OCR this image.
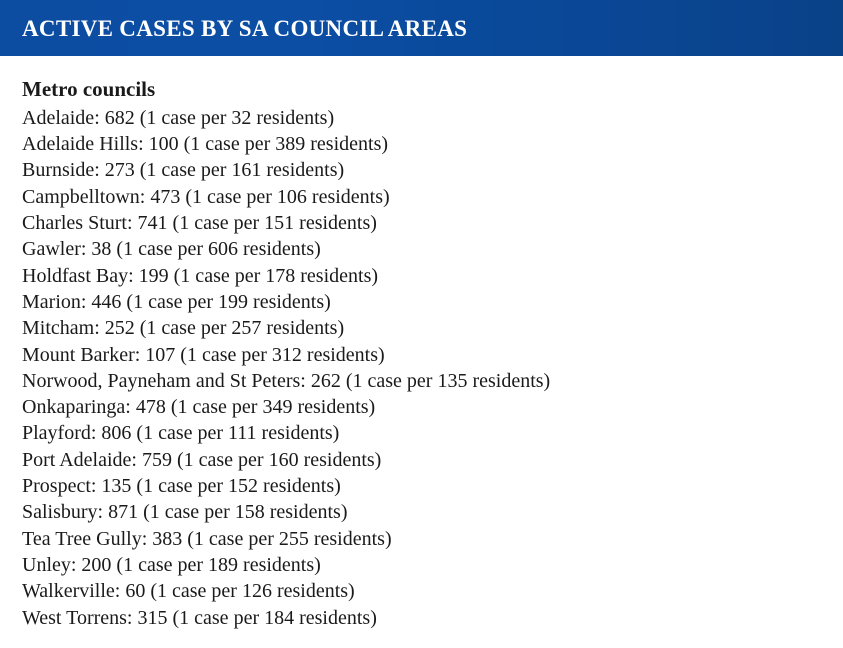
ACTIVE CASES BY SA COUNCIL AREAS
Metro councils
Adelaide: 682 (1 case per 32 residents)
Adelaide Hills: 100 (1 case per 389 residents)
Burnside: 273 (1 case per 161 residents)
Campbelltown: 473 (1 case per 106 residents)
Charles Sturt: 741 (1 case per 151 residents)
Gawler: 38 (1 case per 606 residents)
Holdfast Bay: 199 (1 case per 178 residents)
Marion: 446 (1 case per 199 residents)
Mitcham: 252 (1 case per 257 residents)
Mount Barker: 107 (1 case per 312 residents)
Norwood, Payneham and St Peters: 262 (1 case per 135 residents)
Onkaparinga: 478 (1 case per 349 residents)
Playford: 806 (1 case per 111 residents)
Port Adelaide: 759 (1 case per 160 residents)
Prospect: 135 (1 case per 152 residents)
Salisbury: 871 (1 case per 158 residents)
Tea Tree Gully: 383 (1 case per 255 residents)
Unley: 200 (1 case per 189 residents)
Walkerville: 60 (1 case per 126 residents)
West Torrens: 315 (1 case per 184 residents)
